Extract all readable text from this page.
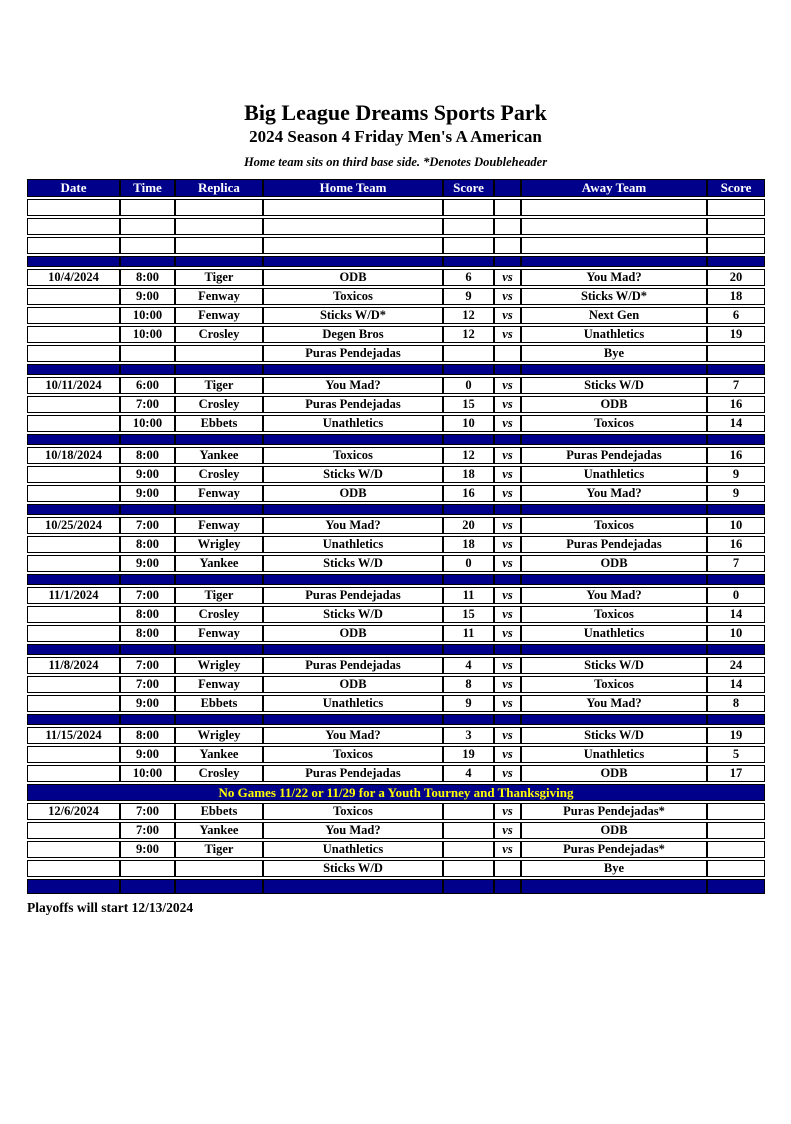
Big League Dreams Sports Park
2024 Season 4 Friday Men's A American
Home team sits on third base side. *Denotes Doubleheader
Date	Time	Replica	Home Team	Score		Away Team	Score

10/4/2024	8:00	Tiger	ODB	6	vs	You Mad?	20
	9:00	Fenway	Toxicos	9	vs	Sticks W/D*	18
	10:00	Fenway	Sticks W/D*	12	vs	Next Gen	6
	10:00	Crosley	Degen Bros	12	vs	Unathletics	19
			Puras Pendejadas			Bye	

10/11/2024	6:00	Tiger	You Mad?	0	vs	Sticks W/D	7
	7:00	Crosley	Puras Pendejadas	15	vs	ODB	16
	10:00	Ebbets	Unathletics	10	vs	Toxicos	14

10/18/2024	8:00	Yankee	Toxicos	12	vs	Puras Pendejadas	16
	9:00	Crosley	Sticks W/D	18	vs	Unathletics	9
	9:00	Fenway	ODB	16	vs	You Mad?	9

10/25/2024	7:00	Fenway	You Mad?	20	vs	Toxicos	10
	8:00	Wrigley	Unathletics	18	vs	Puras Pendejadas	16
	9:00	Yankee	Sticks W/D	0	vs	ODB	7

11/1/2024	7:00	Tiger	Puras Pendejadas	11	vs	You Mad?	0
	8:00	Crosley	Sticks W/D	15	vs	Toxicos	14
	8:00	Fenway	ODB	11	vs	Unathletics	10

11/8/2024	7:00	Wrigley	Puras Pendejadas	4	vs	Sticks W/D	24
	7:00	Fenway	ODB	8	vs	Toxicos	14
	9:00	Ebbets	Unathletics	9	vs	You Mad?	8

11/15/2024	8:00	Wrigley	You Mad?	3	vs	Sticks W/D	19
	9:00	Yankee	Toxicos	19	vs	Unathletics	5
	10:00	Crosley	Puras Pendejadas	4	vs	ODB	17
No Games 11/22 or 11/29 for a Youth Tourney and Thanksgiving							
12/6/2024	7:00	Ebbets	Toxicos		vs	Puras Pendejadas*	
	7:00	Yankee	You Mad?		vs	ODB	
	9:00	Tiger	Unathletics		vs	Puras Pendejadas*	
			Sticks W/D			Bye	

Playoffs will start 12/13/2024
